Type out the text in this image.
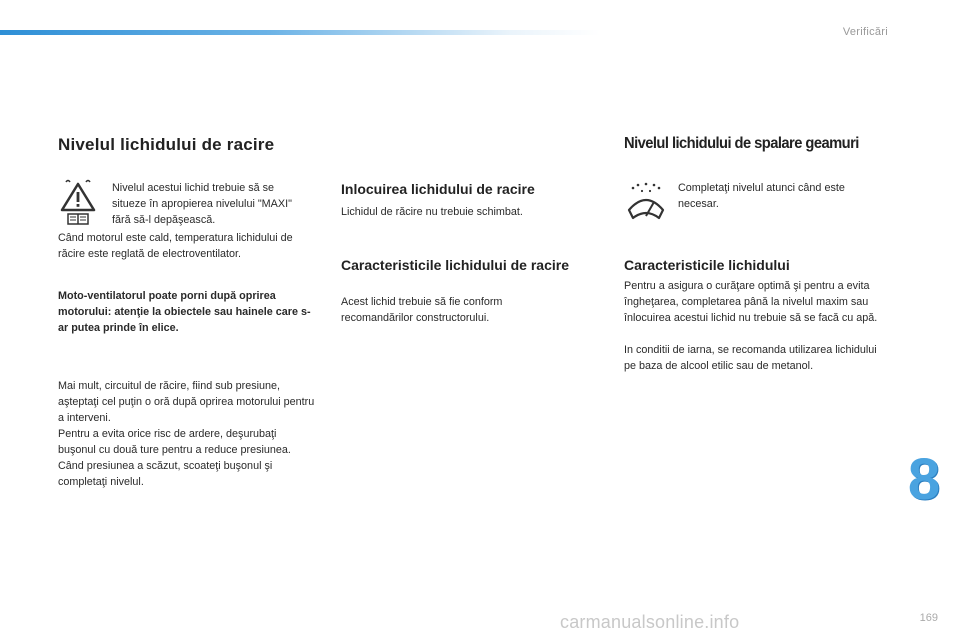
Verificări
Nivelul lichidului de racire

Nivelul acestui lichid trebuie să se situeze în apropierea nivelului "MAXI" fără să-l depăşească.

Când motorul este cald, temperatura lichidului de răcire este reglată de electroventilator.

Moto-ventilatorul poate porni după oprirea motorului: atenţie la obiectele sau hainele care s-ar putea prinde în elice.

Mai mult, circuitul de răcire, fiind sub presiune, aşteptaţi cel puţin o oră după oprirea motorului pentru a interveni.

Pentru a evita orice risc de ardere, deşurubaţi buşonul cu două ture pentru a reduce presiunea. Când presiunea a scăzut, scoateţi buşonul şi completaţi nivelul.

Inlocuirea lichidului de racire

Lichidul de răcire nu trebuie schimbat.

Caracteristicile lichidului de racire

Acest lichid trebuie să fie conform recomandărilor constructorului.

Nivelul lichidului de spalare geamuri

Completaţi nivelul atunci când este necesar.

Caracteristicile lichidului

Pentru a asigura o curăţare optimă şi pentru a evita îngheţarea, completarea până la nivelul maxim sau înlocuirea acestui lichid nu trebuie să se facă cu apă.

In conditii de iarna, se recomanda utilizarea lichidului pe baza de alcool etilic sau de metanol.

8
carmanualsonline.info	169
